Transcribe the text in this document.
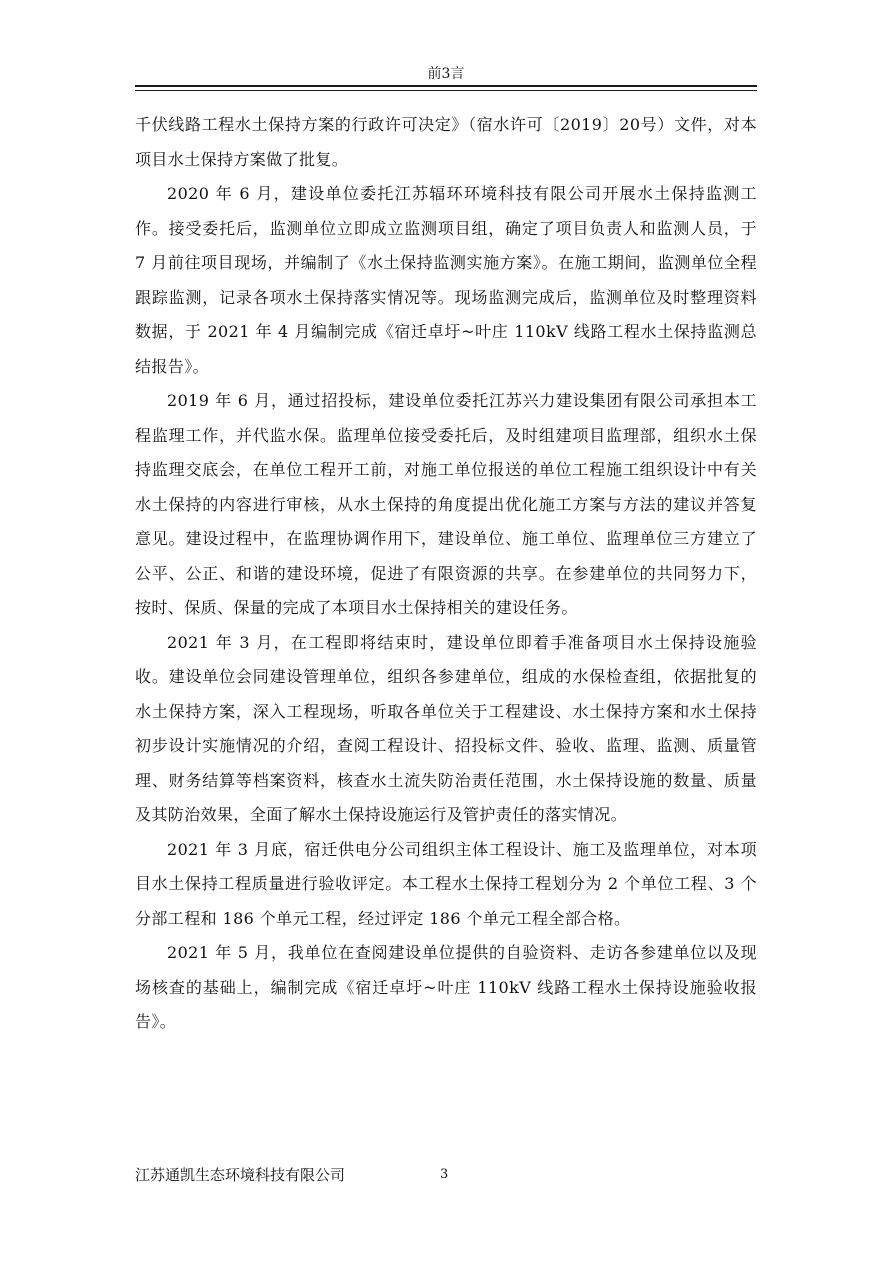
前3言

千伏线路工程水土保持方案的行政许可决定》（宿水许可〔2019〕20号）文件，对本项目水土保持方案做了批复。

2020 年 6 月，建设单位委托江苏辐环环境科技有限公司开展水土保持监测工作。接受委托后，监测单位立即成立监测项目组，确定了项目负责人和监测人员，于 7 月前往项目现场，并编制了《水土保持监测实施方案》。在施工期间，监测单位全程跟踪监测，记录各项水土保持落实情况等。现场监测完成后，监测单位及时整理资料数据，于 2021 年 4 月编制完成《宿迁卓圩~叶庄 110kV 线路工程水土保持监测总结报告》。

2019 年 6 月，通过招投标，建设单位委托江苏兴力建设集团有限公司承担本工程监理工作，并代监水保。监理单位接受委托后，及时组建项目监理部，组织水土保持监理交底会，在单位工程开工前，对施工单位报送的单位工程施工组织设计中有关水土保持的内容进行审核，从水土保持的角度提出优化施工方案与方法的建议并答复意见。建设过程中，在监理协调作用下，建设单位、施工单位、监理单位三方建立了公平、公正、和谐的建设环境，促进了有限资源的共享。在参建单位的共同努力下，按时、保质、保量的完成了本项目水土保持相关的建设任务。

2021 年 3 月，在工程即将结束时，建设单位即着手准备项目水土保持设施验收。建设单位会同建设管理单位，组织各参建单位，组成的水保检查组，依据批复的水土保持方案，深入工程现场，听取各单位关于工程建设、水土保持方案和水土保持初步设计实施情况的介绍，查阅工程设计、招投标文件、验收、监理、监测、质量管理、财务结算等档案资料，核查水土流失防治责任范围，水土保持设施的数量、质量及其防治效果，全面了解水土保持设施运行及管护责任的落实情况。

2021 年 3 月底，宿迁供电分公司组织主体工程设计、施工及监理单位，对本项目水土保持工程质量进行验收评定。本工程水土保持工程划分为 2 个单位工程、3 个分部工程和 186 个单元工程，经过评定 186 个单元工程全部合格。

2021 年 5 月，我单位在查阅建设单位提供的自验资料、走访各参建单位以及现场核查的基础上，编制完成《宿迁卓圩~叶庄 110kV 线路工程水土保持设施验收报告》。

江苏通凯生态环境科技有限公司	3
